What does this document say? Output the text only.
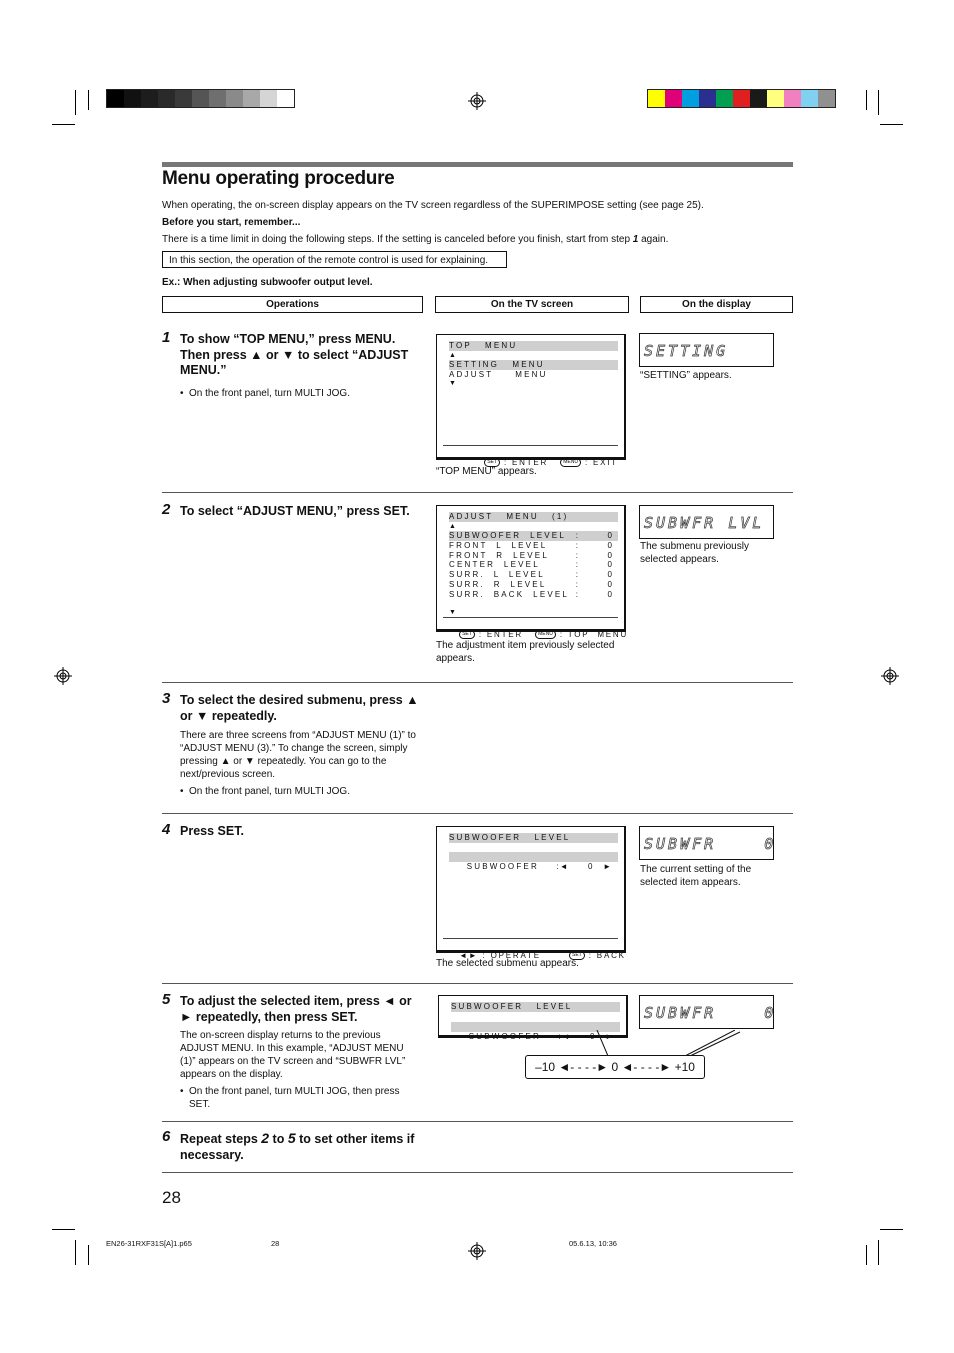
Menu operating procedure
When operating, the on-screen display appears on the TV screen regardless of the SUPERIMPOSE setting (see page 25).
Before you start, remember...
There is a time limit in doing the following steps. If the setting is canceled before you finish, start from step 1 again.
In this section, the operation of the remote control is used for explaining.
Ex.: When adjusting subwoofer output level.
Operations	On the TV screen	On the display
1 To show “TOP MENU,” press MENU. Then press ▲ or ▼ to select “ADJUST MENU.”
• On the front panel, turn MULTI JOG.
TOP   MENU
▲
SETTING   MENU
ADJUST     MENU
▼

SET : ENTER   MENU : EXIT

“TOP MENU” appears.
SETTING
“SETTING” appears.
2 To select “ADJUST MENU,” press SET.	ADJUST   MENU   (1)
▲
SUBWOOFER  LEVEL :	0
FRONT  L  LEVEL	:	0
FRONT  R  LEVEL	:	0
CENTER  LEVEL	:	0
SURR.  L  LEVEL	:	0
SURR.  R  LEVEL	:	0
SURR.  BACK  LEVEL :	0
▼

SET : ENTER   MENU : TOP  MENU

The adjustment item previously selected appears.
SUBWFR LVL
The submenu previously selected appears.
3 To select the desired submenu, press ▲ or ▼ repeatedly.
There are three screens from “ADJUST MENU (1)” to “ADJUST MENU (3).” To change the screen, simply pressing ▲ or ▼ repeatedly. You can go to the next/previous screen.
• On the front panel, turn MULTI JOG.
4 Press SET.	SUBWOOFER   LEVEL

SUBWOOFER :◄      0   ►

◄► : OPERATE       SET : BACK

The selected submenu appears.
SUBWFR    0
The current setting of the selected item appears.
5 To adjust the selected item, press ◄ or ► repeatedly, then press SET.
The on-screen display returns to the previous ADJUST MENU. In this example, “ADJUST MENU (1)” appears on the TV screen and “SUBWFR LVL” appears on the display.
• On the front panel, turn MULTI JOG, then press SET.
SUBWOOFER   LEVEL

SUBWOOFER :◄      0   ►

SUBWFR    0
–10 ◄- - - -► 0 ◄- - - -► +10
6 Repeat steps 2 to 5 to set other items if necessary.
28
EN26-31RXF31S[A]1.p65	28	05.6.13, 10:36
